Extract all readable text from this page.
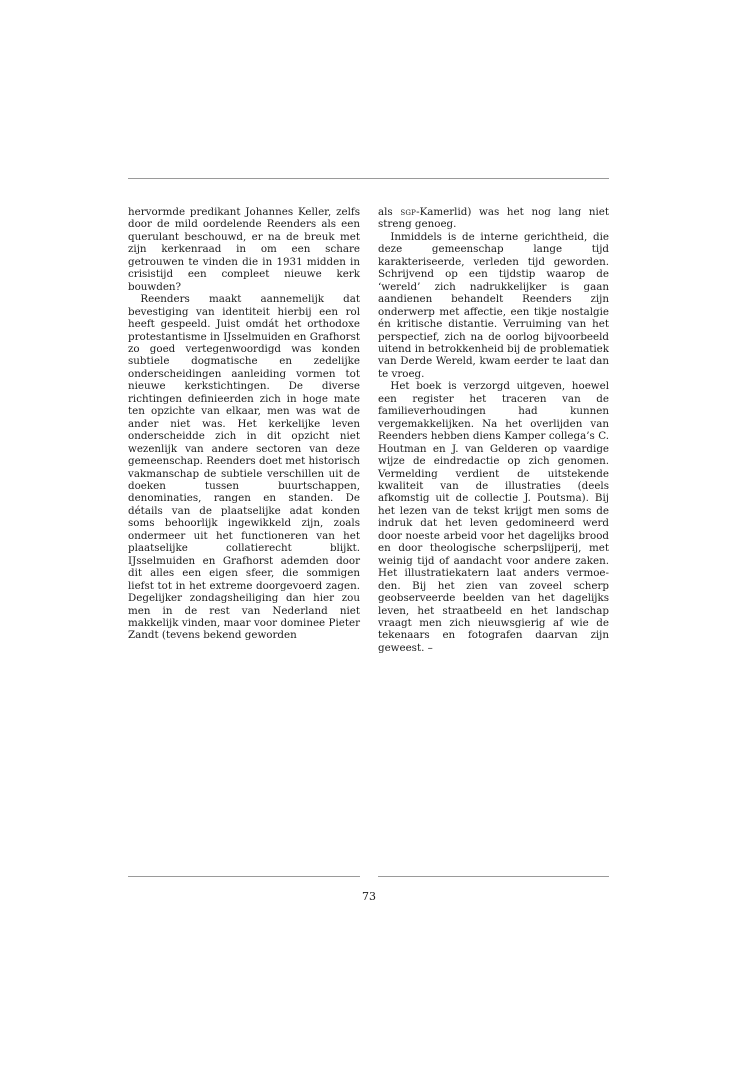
hervormde predikant Johannes Keller, zelfs door de mild oordelende Reenders als een querulant beschouwd, er na de breuk met zijn kerkenraad in om een schare getrouwen te vinden die in 1931 midden in crisistijd een compleet nieuwe kerk bouwden?

Reenders maakt aannemelijk dat bevestiging van identiteit hierbij een rol heeft gespeeld. Juist omdát het orthodoxe protestantisme in IJsselmuiden en Grafhorst zo goed vertegenwoordigd was konden subtiele dogmatische en zedelijke onderscheidingen aanleiding vormen tot nieuwe kerkstichtingen. De diverse richtingen definieerden zich in hoge mate ten opzichte van elkaar, men was wat de ander niet was. Het kerkelijke leven onderscheidde zich in dit opzicht niet wezenlijk van andere sectoren van deze gemeenschap. Reenders doet met historisch vakmanschap de subtiele verschillen uit de doeken tussen buurtschappen, denominaties, rangen en standen. De détails van de plaatselijke adat konden soms behoorlijk ingewikkeld zijn, zoals ondermeer uit het functioneren van het plaatselijke collatierecht blijkt. IJsselmuiden en Grafhorst ademden door dit alles een eigen sfeer, die sommigen liefst tot in het extreme doorgevoerd zagen. Degelijker zondagsheiliging dan hier zou men in de rest van Nederland niet makkelijk vinden, maar voor dominee Pieter Zandt (tevens bekend geworden

als sgp-Kamerlid) was het nog lang niet streng genoeg.

Inmiddels is de interne gerichtheid, die deze gemeenschap lange tijd karakteriseerde, verleden tijd geworden. Schrijvend op een tijdstip waarop de ‘wereld’ zich nadrukkelijker is gaan aandienen behandelt Reenders zijn onderwerp met affectie, een tikje nostalgie én kritische distantie. Verruiming van het perspectief, zich na de oorlog bijvoorbeeld uitend in betrokkenheid bij de problematiek van Derde Wereld, kwam eerder te laat dan te vroeg.

Het boek is verzorgd uitgeven, hoewel een register het traceren van de familieverhoudingen had kunnen vergemakkelijken. Na het overlijden van Reenders hebben diens Kamper collega’s C. Houtman en J. van Gelderen op vaardige wijze de eindredactie op zich genomen. Vermelding verdient de uitstekende kwaliteit van de illustraties (deels afkomstig uit de collectie J. Poutsma). Bij het lezen van de tekst krijgt men soms de indruk dat het leven gedomineerd werd door noeste arbeid voor het dagelijks brood en door theologische scherpslijperij, met weinig tijd of aandacht voor andere zaken. Het illustratiekatern laat anders vermoeden. Bij het zien van zoveel scherp geobserveerde beelden van het dagelijks leven, het straatbeeld en het landschap vraagt men zich nieuwsgierig af wie de tekenaars en fotografen daarvan zijn geweest. –

73
